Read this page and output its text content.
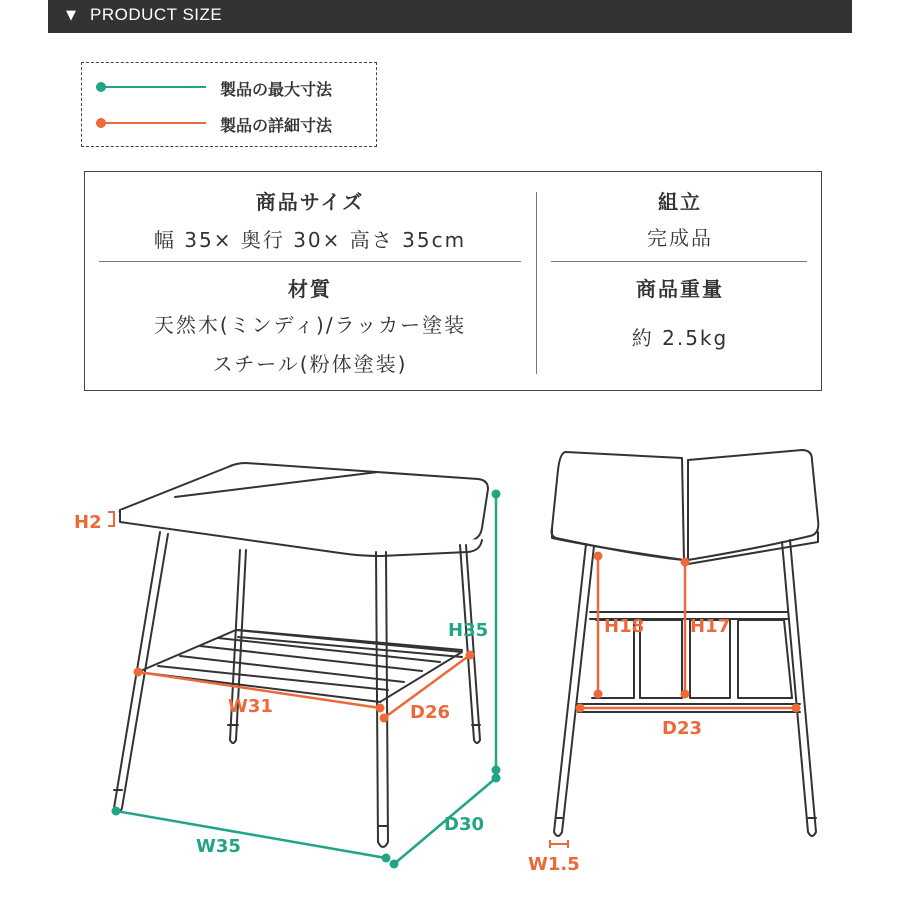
▼ PRODUCT SIZE
製品の最大寸法
製品の詳細寸法
商品サイズ
幅 35× 奥行 30× 高さ 35cm
組立
完成品
材質
天然木(ミンディ)/ラッカー塗装
スチール(粉体塗装)
商品重量
約 2.5kg
H2
H35
W31	D26
W35
D30
H18	H17
D23
W1.5
